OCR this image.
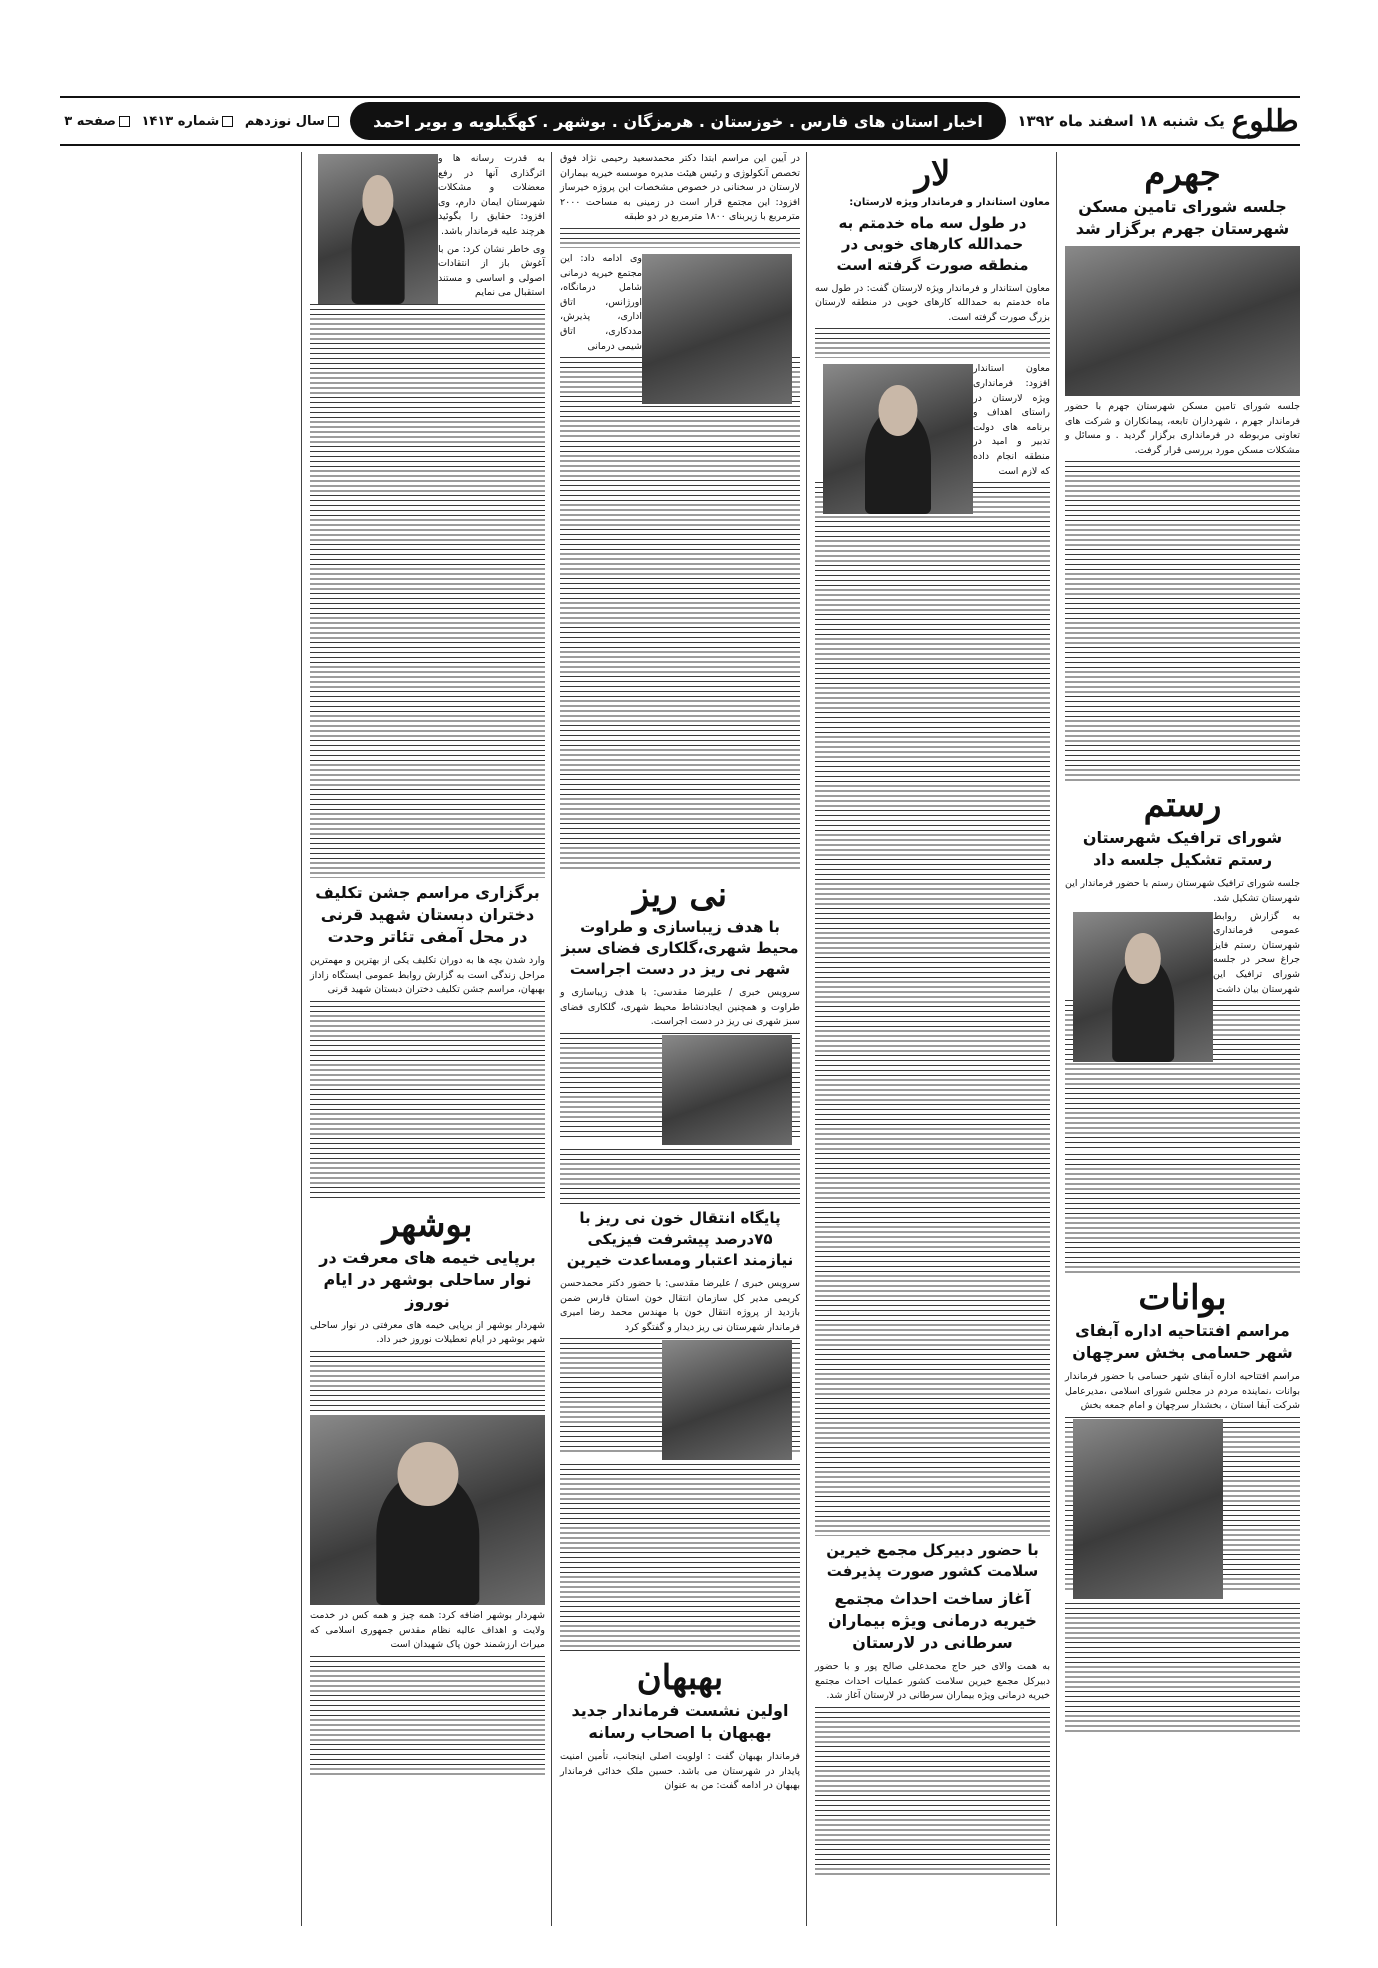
طلوع
یک شنبه ۱۸ اسفند ماه ۱۳۹۲
اخبار استان های فارس . خوزستان . هرمزگان . بوشهر . کهگیلویه و بویر احمد
سال نوزدهم
شماره ۱۴۱۳
صفحه ۳
جهرم
جلسه شورای تامین مسکن شهرستان جهرم برگزار شد

جلسه شورای تامین مسکن شهرستان جهرم با حضور فرماندار جهرم ، شهرداران تابعه، پیمانکاران و شرکت های تعاونی مربوطه در فرمانداری برگزار گردید . و مسائل و مشکلات مسکن مورد بررسی قرار گرفت.

رستم
شورای ترافیک شهرستان رستم تشکیل جلسه داد

جلسه شورای ترافیک شهرستان رستم با حضور فرماندار این شهرستان تشکیل شد.

به گزارش روابط عمومی فرمانداری شهرستان رستم فایز جراغ سحر در جلسه شورای ترافیک این شهرستان بیان داشت

بوانات
مراسم افتتاحیه اداره آبفای شهر حسامی بخش سرچهان

مراسم افتتاحیه اداره آبفای شهر حسامی با حضور فرماندار بوانات ،نماینده مردم در مجلس شورای اسلامی ،مدیرعامل شرکت آبفا استان ، بخشدار سرچهان و امام جمعه بخش

لار
معاون استاندار و فرماندار ویژه لارستان:
در طول سه ماه خدمتم به حمدالله کارهای خوبی در منطقه صورت گرفته است

معاون استاندار و فرماندار ویژه لارستان گفت: در طول سه ماه خدمتم به حمدالله کارهای خوبی در منطقه لارستان بزرگ صورت گرفته است.

معاون استاندار افزود: فرمانداری ویژه لارستان در راستای اهداف و برنامه های دولت تدبیر و امید در منطقه انجام داده که لازم است

با حضور دبیرکل مجمع خیرین سلامت کشور صورت پذیرفت
آغاز ساخت احداث مجتمع خیریه درمانی ویژه بیماران سرطانی در لارستان

به همت والای خیر حاج محمدعلی صالح پور و با حضور دبیرکل مجمع خیرین سلامت کشور عملیات احداث مجتمع خیریه درمانی ویژه بیماران سرطانی در لارستان آغاز شد.

در آیین این مراسم ابتدا دکتر محمدسعید رحیمی نژاد فوق تخصص آنکولوژی و رئیس هیئت مدیره موسسه خیریه بیماران لارستان در سخنانی در خصوص مشخصات این پروژه خیرساز افزود: این مجتمع قرار است در زمینی به مساحت ۲۰۰۰ مترمربع با زیربنای ۱۸۰۰ مترمربع در دو طبقه

وی ادامه داد: این مجتمع خیریه درمانی شامل درمانگاه، اورژانس، اتاق اداری، پذیرش، مددکاری، اتاق شیمی درمانی

نی ریز
با هدف زیباسازی و طراوت محیط شهری،گلکاری فضای سبز شهر نی ریز در دست اجراست

سرویس خبری / علیرضا مقدسی: با هدف زیباسازی و طراوت و همچنین ایجادنشاط محیط شهری، گلکاری فضای سبز شهری نی ریز در دست اجراست.

پایگاه انتقال خون نی ریز با ۷۵درصد پیشرفت فیزیکی نیازمند اعتبار ومساعدت خیرین

سرویس خبری / علیرضا مقدسی: با حضور دکتر محمدحسن کریمی مدیر کل سازمان انتقال خون استان فارس ضمن بازدید از پروژه انتقال خون با مهندس محمد رضا امیری فرماندار شهرستان نی ریز دیدار و گفتگو کرد

بهبهان
اولین نشست فرماندار جدید بهبهان با اصحاب رسانه

فرماندار بهبهان گفت : اولویت اصلی اینجانب، تأمین امنیت پایدار در شهرستان می باشد. حسین ملک خدائی فرماندار بهبهان در ادامه گفت: من به عنوان

به قدرت رسانه ها و اثرگذاری آنها در رفع معضلات و مشکلات شهرستان ایمان دارم، وی افزود: حقایق را بگوئید هرچند علیه فرماندار باشد.

وی خاطر نشان کرد: من با آغوش باز از انتقادات اصولی و اساسی و مستند استقبال می نمایم

برگزاری مراسم جشن تکلیف دختران دبستان شهید قرنی در محل آمفی تئاتر وحدت

وارد شدن بچه ها به دوران تکلیف یکی از بهترین و مهمترین مراحل زندگی است به گزارش روابط عمومی ایستگاه زاداز بهبهان، مراسم جشن تکلیف دختران دبستان شهید قرنی

بوشهر
برپایی خیمه های معرفت در نوار ساحلی بوشهر در ایام نوروز

شهردار بوشهر از برپایی خیمه های معرفتی در نوار ساحلی شهر بوشهر در ایام تعطیلات نوروز خبر داد.

شهردار بوشهر اضافه کرد: همه چیز و همه کس در خدمت ولایت و اهداف عالیه نظام مقدس جمهوری اسلامی که میراث ارزشمند خون پاک شهیدان است
